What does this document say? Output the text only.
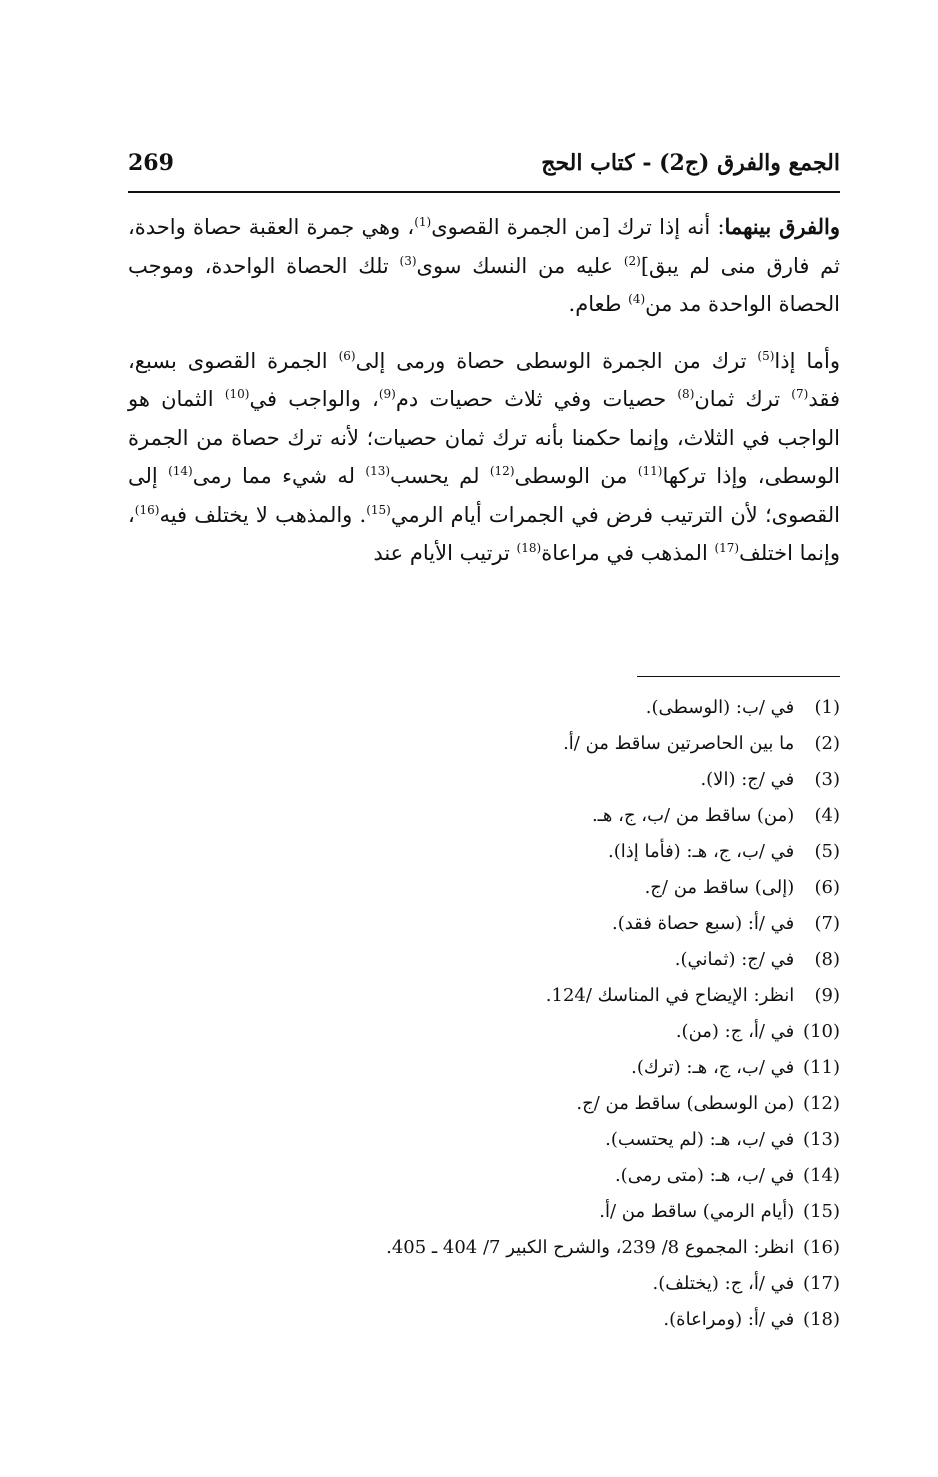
269	الجمع والفرق (ج2) - كتاب الحج

والفرق بينهما: أنه إذا ترك [من الجمرة القصوى$^{(1)}$، وهي جمرة العقبة حصاة واحدة، ثم فارق منى لم يبق]$^{(2)}$ عليه من النسك سوى$^{(3)}$ تلك الحصاة الواحدة، وموجب الحصاة الواحدة مد من$^{(4)}$ طعام.

وأما إذا$^{(5)}$ ترك من الجمرة الوسطى حصاة ورمى إلى$^{(6)}$ الجمرة القصوى بسبع، فقد$^{(7)}$ ترك ثمان$^{(8)}$ حصيات وفي ثلاث حصيات دم$^{(9)}$، والواجب في$^{(10)}$ الثمان هو الواجب في الثلاث، وإنما حكمنا بأنه ترك ثمان حصيات؛ لأنه ترك حصاة من الجمرة الوسطى، وإذا تركها$^{(11)}$ من الوسطى$^{(12)}$ لم يحسب$^{(13)}$ له شيء مما رمى$^{(14)}$ إلى القصوى؛ لأن الترتيب فرض في الجمرات أيام الرمي$^{(15)}$. والمذهب لا يختلف فيه$^{(16)}$، وإنما اختلف$^{(17)}$ المذهب في مراعاة$^{(18)}$ ترتيب الأيام عند

(1) في /ب: (الوسطى).
(2) ما بين الحاصرتين ساقط من /أ.
(3) في /ج: (الا).
(4) (من) ساقط من /ب، ج، هـ.
(5) في /ب، ج، هـ: (فأما إذا).
(6) (إلى) ساقط من /ج.
(7) في /أ: (سبع حصاة فقد).
(8) في /ج: (ثماني).
(9) انظر: الإيضاح في المناسك /124.
(10) في /أ، ج: (من).
(11) في /ب، ج، هـ: (ترك).
(12) (من الوسطى) ساقط من /ج.
(13) في /ب، هـ: (لم يحتسب).
(14) في /ب، هـ: (متى رمى).
(15) (أيام الرمي) ساقط من /أ.
(16) انظر: المجموع 8/ 239، والشرح الكبير 7/ 404 ـ 405.
(17) في /أ، ج: (يختلف).
(18) في /أ: (ومراعاة).
